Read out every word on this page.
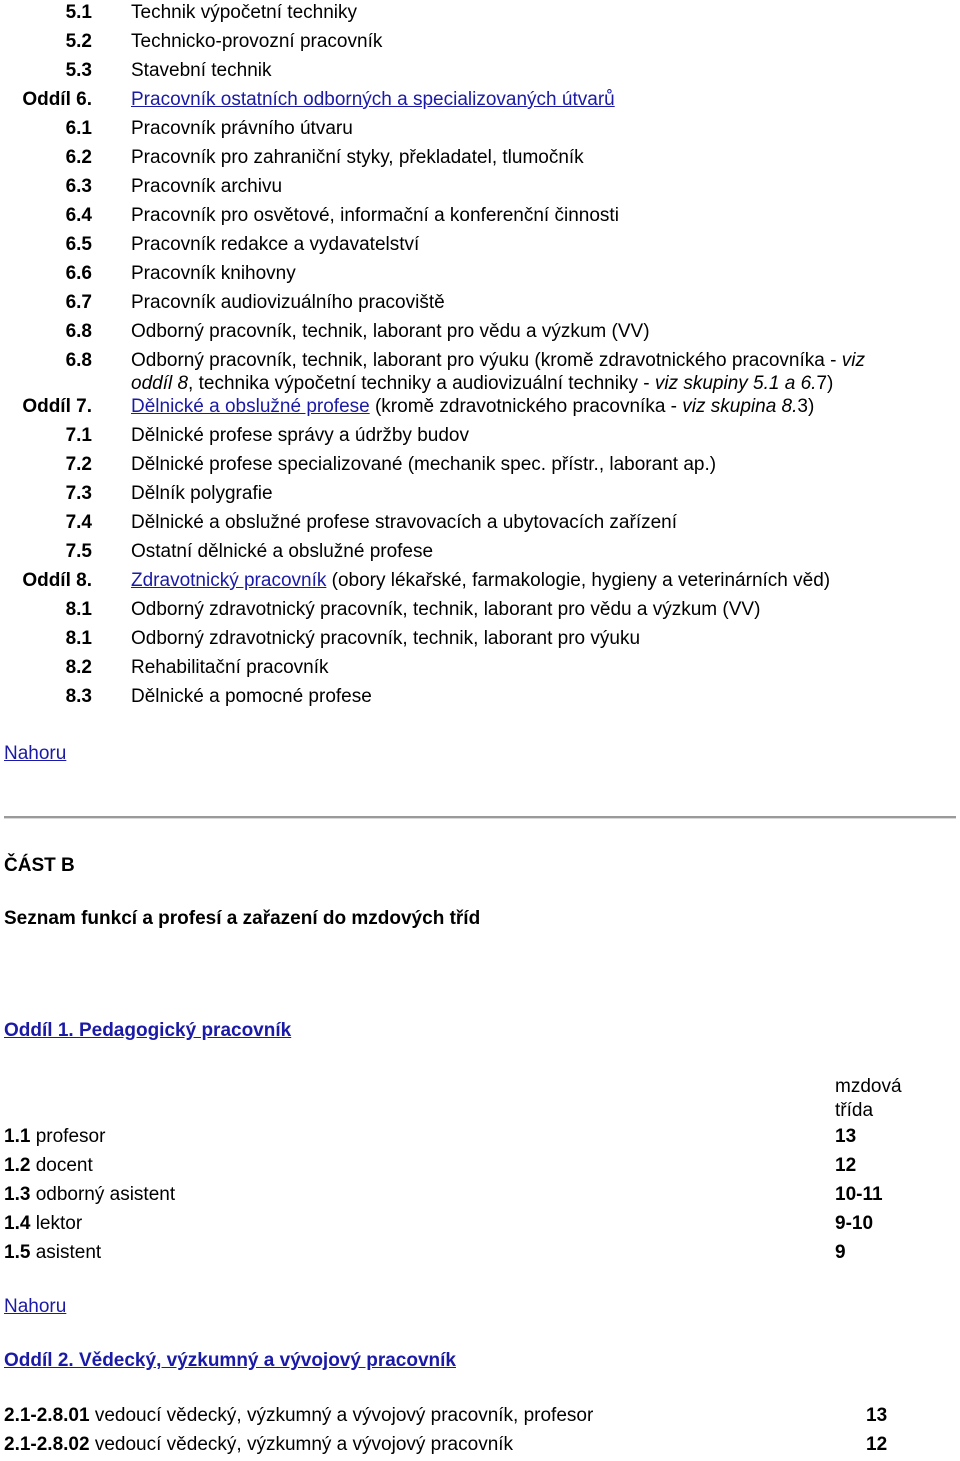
5.1 Technik výpočetní techniky
5.2 Technicko-provozní pracovník
5.3 Stavební technik
Oddíl 6. Pracovník ostatních odborných a specializovaných útvarů
6.1 Pracovník právního útvaru
6.2 Pracovník pro zahraniční styky, překladatel, tlumočník
6.3 Pracovník archivu
6.4 Pracovník pro osvětové, informační a konferenční činnosti
6.5 Pracovník redakce a vydavatelství
6.6 Pracovník knihovny
6.7 Pracovník audiovizuálního pracoviště
6.8 Odborný pracovník, technik, laborant pro vědu a výzkum (VV)
6.8 Odborný pracovník, technik, laborant pro výuku (kromě zdravotnického pracovníka - viz
oddíl 8, technika výpočetní techniky a audiovizuální techniky - viz skupiny 5.1 a 6.7)
Oddíl 7. Dělnické a obslužné profese (kromě zdravotnického pracovníka - viz skupina 8.3)
7.1 Dělnické profese správy a údržby budov
7.2 Dělnické profese specializované (mechanik spec. přístr., laborant ap.)
7.3 Dělník polygrafie
7.4 Dělnické a obslužné profese stravovacích a ubytovacích zařízení
7.5 Ostatní dělnické a obslužné profese
Oddíl 8. Zdravotnický pracovník (obory lékařské, farmakologie, hygieny a veterinárních věd)
8.1 Odborný zdravotnický pracovník, technik, laborant pro vědu a výzkum (VV)
8.1 Odborný zdravotnický pracovník, technik, laborant pro výuku
8.2 Rehabilitační pracovník
8.3 Dělnické a pomocné profese
Nahoru
ČÁST B
Seznam funkcí a profesí a zařazení do mzdových tříd
Oddíl 1. Pedagogický pracovník
mzdová
třída
1.1 profesor	13
1.2 docent	12
1.3 odborný asistent	10-11
1.4 lektor	9-10
1.5 asistent	9
Nahoru
Oddíl 2. Vědecký, výzkumný a vývojový pracovník
2.1-2.8.01 vedoucí vědecký, výzkumný a vývojový pracovník, profesor	13
2.1-2.8.02 vedoucí vědecký, výzkumný a vývojový pracovník	12
